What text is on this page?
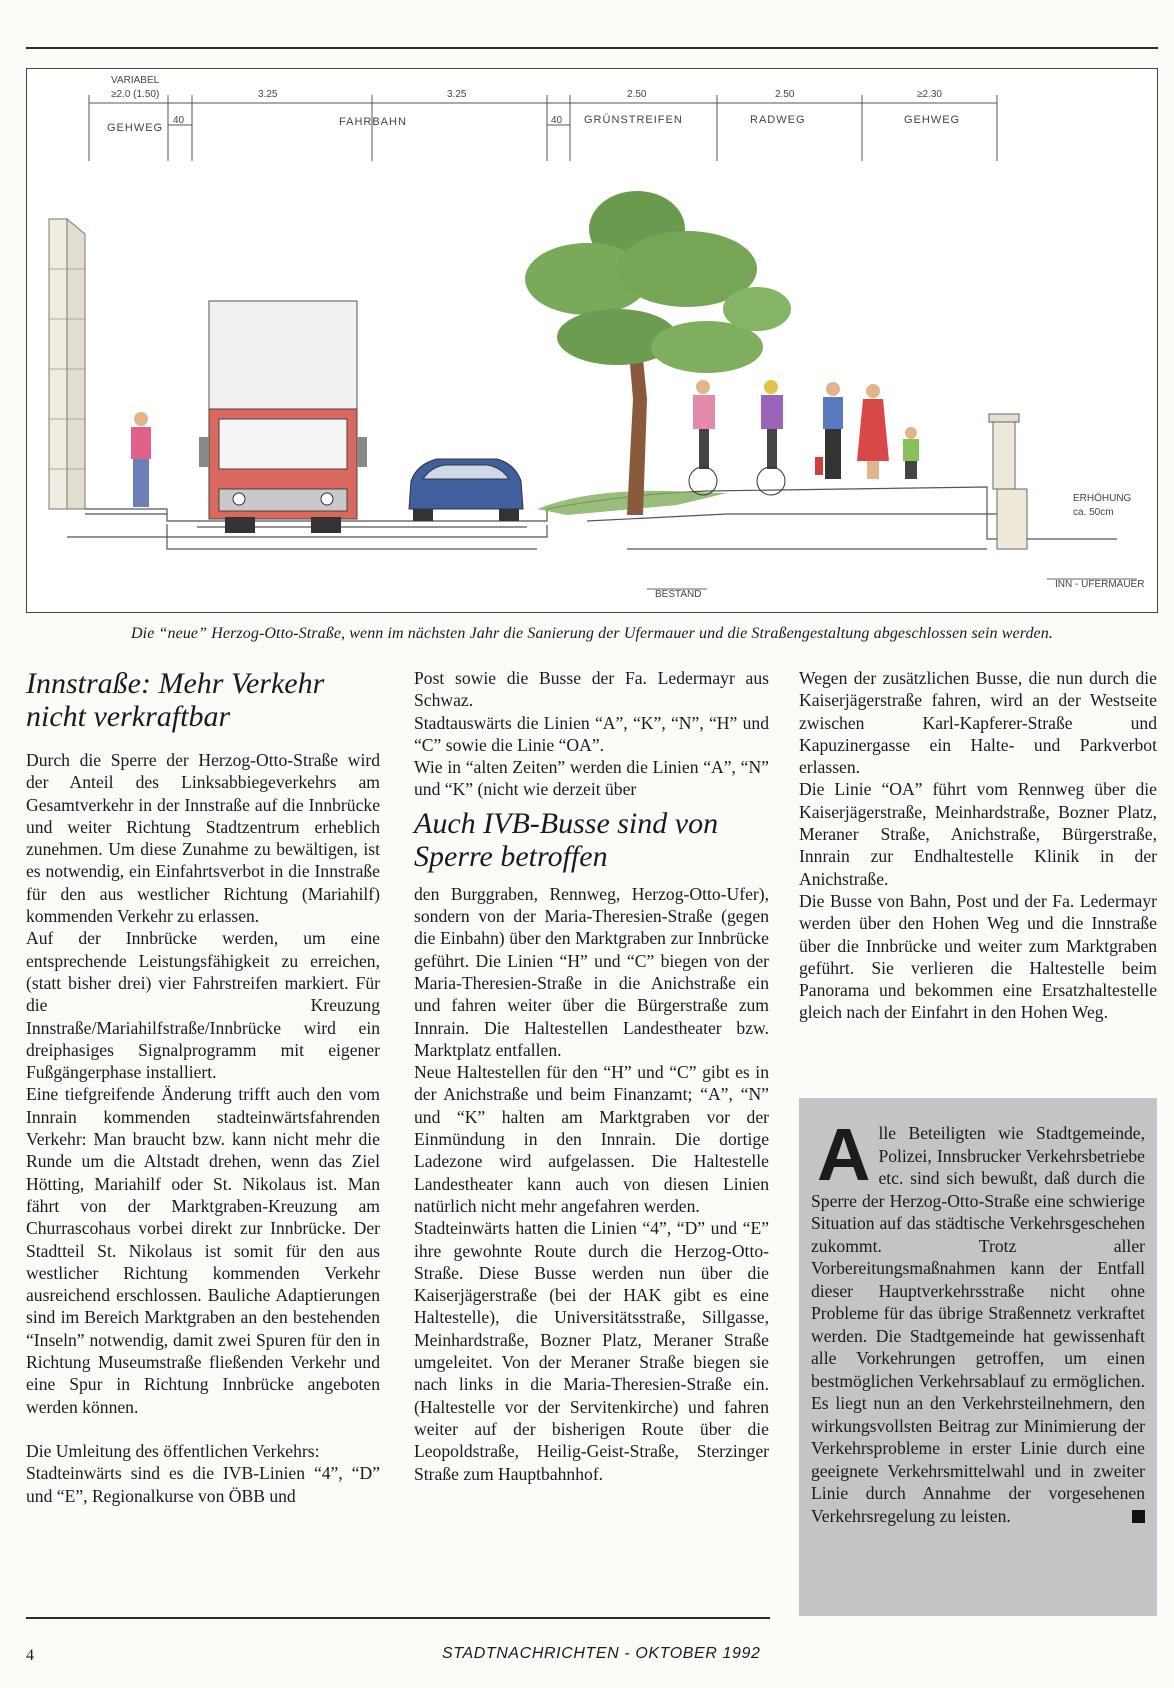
VARIABEL
≥2.0 (1.50)	3.25	3.25	2.50	2.50	≥2.30
40	40
GEHWEG	FAHRBAHN	GRÜNSTREIFEN	RADWEG	GEHWEG
ERHÖHUNG
ca. 50cm
BESTAND
INN - UFERMAUER
Die “neue” Herzog-Otto-Straße, wenn im nächsten Jahr die Sanierung der Ufermauer und die Straßengestaltung abgeschlossen sein werden.
Innstraße: Mehr Verkehr nicht verkraftbar

Durch die Sperre der Herzog-Otto-Straße wird der Anteil des Linksabbiegeverkehrs am Gesamtverkehr in der Innstraße auf die Innbrücke und weiter Richtung Stadtzentrum erheblich zunehmen. Um diese Zunahme zu bewältigen, ist es notwendig, ein Einfahrtsverbot in die Innstraße für den aus westlicher Richtung (Mariahilf) kommenden Verkehr zu erlassen.

Auf der Innbrücke werden, um eine entsprechende Leistungsfähigkeit zu erreichen, (statt bisher drei) vier Fahrstreifen markiert. Für die Kreuzung Innstraße/Mariahilfstraße/Innbrücke wird ein dreiphasiges Signalprogramm mit eigener Fußgängerphase installiert.

Eine tiefgreifende Änderung trifft auch den vom Innrain kommenden stadteinwärtsfahrenden Verkehr: Man braucht bzw. kann nicht mehr die Runde um die Altstadt drehen, wenn das Ziel Hötting, Mariahilf oder St. Nikolaus ist. Man fährt von der Marktgraben-Kreuzung am Churrascohaus vorbei direkt zur Innbrücke. Der Stadtteil St. Nikolaus ist somit für den aus westlicher Richtung kommenden Verkehr ausreichend erschlossen. Bauliche Adaptierungen sind im Bereich Marktgraben an den bestehenden “Inseln” notwendig, damit zwei Spuren für den in Richtung Museumstraße fließenden Verkehr und eine Spur in Richtung Innbrücke angeboten werden können.

Die Umleitung des öffentlichen Verkehrs:

Stadteinwärts sind es die IVB-Linien “4”, “D” und “E”, Regionalkurse von ÖBB und

Post sowie die Busse der Fa. Ledermayr aus Schwaz.

Stadtauswärts die Linien “A”, “K”, “N”, “H” und “C” sowie die Linie “OA”.

Wie in “alten Zeiten” werden die Linien “A”, “N” und “K” (nicht wie derzeit über

Auch IVB-Busse sind von Sperre betroffen

den Burggraben, Rennweg, Herzog-Otto-Ufer), sondern von der Maria-Theresien-Straße (gegen die Einbahn) über den Marktgraben zur Innbrücke geführt. Die Linien “H” und “C” biegen von der Maria-Theresien-Straße in die Anichstraße ein und fahren weiter über die Bürgerstraße zum Innrain. Die Haltestellen Landestheater bzw. Marktplatz entfallen.

Neue Haltestellen für den “H” und “C” gibt es in der Anichstraße und beim Finanzamt; “A”, “N” und “K” halten am Marktgraben vor der Einmündung in den Innrain. Die dortige Ladezone wird aufgelassen. Die Haltestelle Landestheater kann auch von diesen Linien natürlich nicht mehr angefahren werden.

Stadteinwärts hatten die Linien “4”, “D” und “E” ihre gewohnte Route durch die Herzog-Otto-Straße. Diese Busse werden nun über die Kaiserjägerstraße (bei der HAK gibt es eine Haltestelle), die Universitätsstraße, Sillgasse, Meinhardstraße, Bozner Platz, Meraner Straße umgeleitet. Von der Meraner Straße biegen sie nach links in die Maria-Theresien-Straße ein. (Haltestelle vor der Servitenkirche) und fahren weiter auf der bisherigen Route über die Leopoldstraße, Heilig-Geist-Straße, Sterzinger Straße zum Hauptbahnhof.

Wegen der zusätzlichen Busse, die nun durch die Kaiserjägerstraße fahren, wird an der Westseite zwischen Karl-Kapferer-Straße und Kapuzinergasse ein Halte- und Parkverbot erlassen.

Die Linie “OA” führt vom Rennweg über die Kaiserjägerstraße, Meinhardstraße, Bozner Platz, Meraner Straße, Anichstraße, Bürgerstraße, Innrain zur Endhaltestelle Klinik in der Anichstraße.

Die Busse von Bahn, Post und der Fa. Ledermayr werden über den Hohen Weg und die Innstraße über die Innbrücke und weiter zum Marktgraben geführt. Sie verlieren die Haltestelle beim Panorama und bekommen eine Ersatzhaltestelle gleich nach der Einfahrt in den Hohen Weg.

Alle Beteiligten wie Stadtgemeinde, Polizei, Innsbrucker Verkehrsbetriebe etc. sind sich bewußt, daß durch die Sperre der Herzog-Otto-Straße eine schwierige Situation auf das städtische Verkehrsgeschehen zukommt. Trotz aller Vorbereitungsmaßnahmen kann der Entfall dieser Hauptverkehrsstraße nicht ohne Probleme für das übrige Straßennetz verkraftet werden. Die Stadtgemeinde hat gewissenhaft alle Vorkehrungen getroffen, um einen bestmöglichen Verkehrsablauf zu ermöglichen. Es liegt nun an den Verkehrsteilnehmern, den wirkungsvollsten Beitrag zur Minimierung der Verkehrsprobleme in erster Linie durch eine geeignete Verkehrsmittelwahl und in zweiter Linie durch Annahme der vorgesehenen Verkehrsregelung zu leisten.
4	STADTNACHRICHTEN - OKTOBER 1992
